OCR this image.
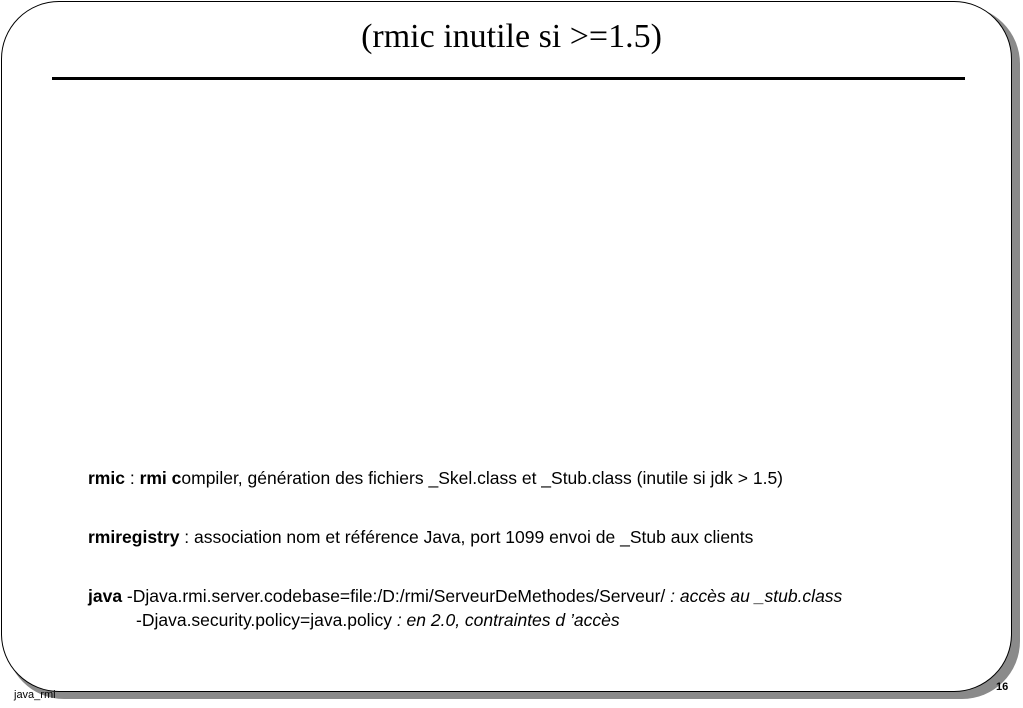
(rmic inutile si >=1.5)
rmic : rmi compiler, génération des fichiers _Skel.class et _Stub.class (inutile si jdk > 1.5)
rmiregistry : association nom et référence Java, port 1099 envoi de _Stub aux clients
java -Djava.rmi.server.codebase=file:/D:/rmi/ServeurDeMethodes/Serveur/ : accès au _stub.class
-Djava.security.policy=java.policy : en 2.0, contraintes d ’accès
java_rmi
16
